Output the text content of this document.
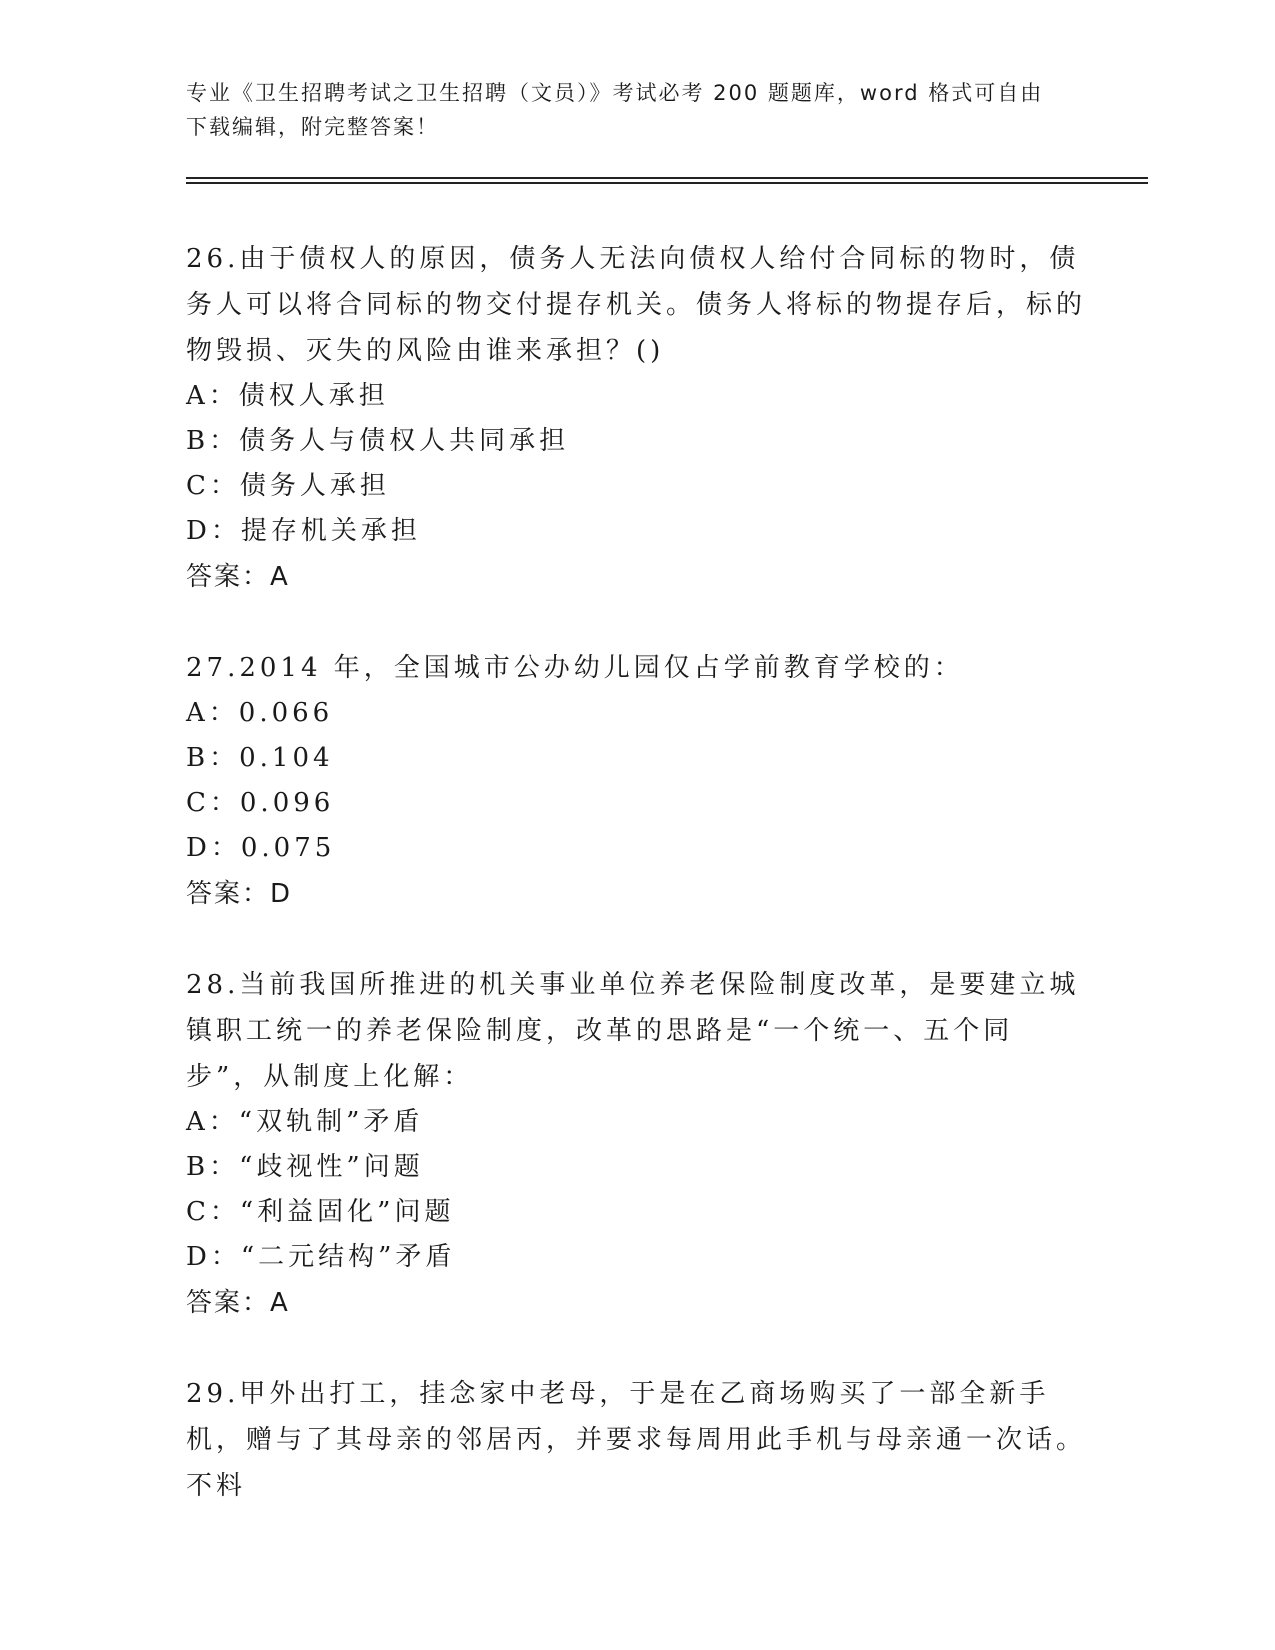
专业《卫生招聘考试之卫生招聘（文员）》考试必考 200 题题库，word 格式可自由下载编辑，附完整答案！

26.由于债权人的原因，债务人无法向债权人给付合同标的物时，债务人可以将合同标的物交付提存机关。债务人将标的物提存后，标的物毁损、灭失的风险由谁来承担？()

A：债权人承担

B：债务人与债权人共同承担

C：债务人承担

D：提存机关承担

答案：A

27.2014 年，全国城市公办幼儿园仅占学前教育学校的：

A：0.066

B：0.104

C：0.096

D：0.075

答案：D

28.当前我国所推进的机关事业单位养老保险制度改革，是要建立城镇职工统一的养老保险制度，改革的思路是“一个统一、五个同步”，从制度上化解：

A：“双轨制”矛盾

B：“歧视性”问题

C：“利益固化”问题

D：“二元结构”矛盾

答案：A

29.甲外出打工，挂念家中老母，于是在乙商场购买了一部全新手机，赠与了其母亲的邻居丙，并要求每周用此手机与母亲通一次话。不料
